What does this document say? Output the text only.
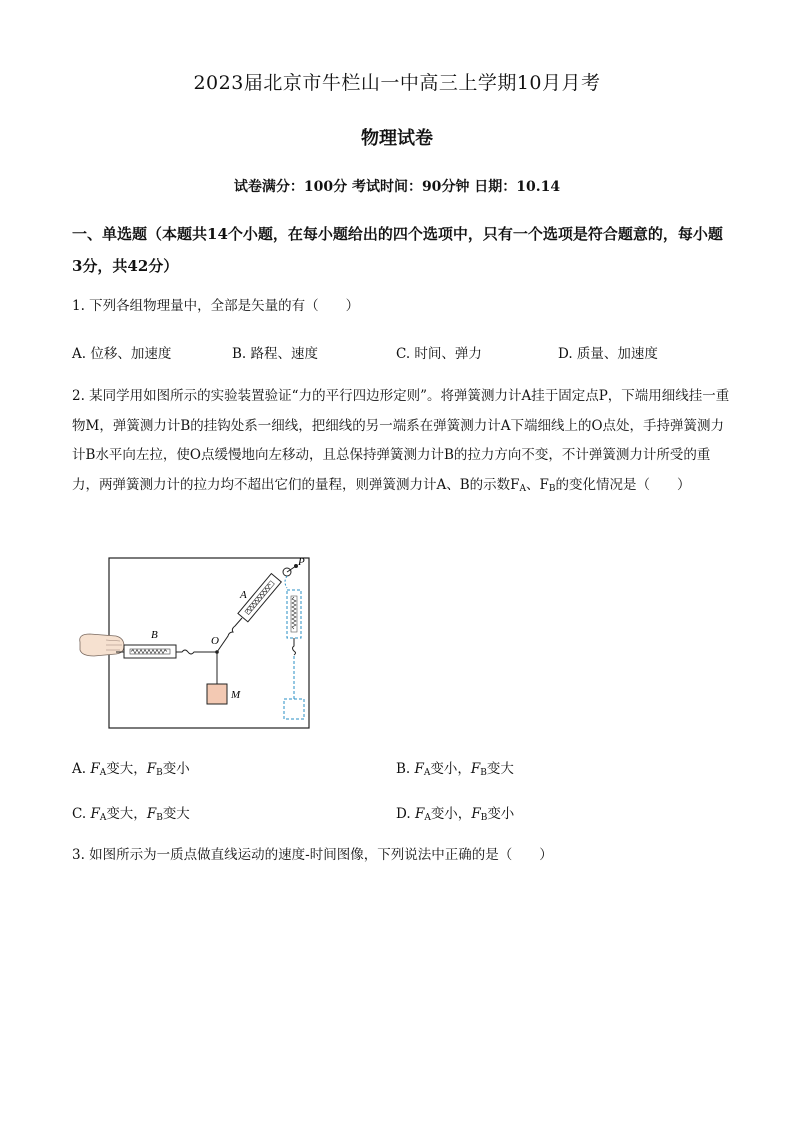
2023届北京市牛栏山一中高三上学期10月月考
物理试卷
试卷满分：100分 考试时间：90分钟 日期：10.14
一、单选题（本题共14个小题，在每小题给出的四个选项中，只有一个选项是符合题意的，每小题3分，共42分）
1. 下列各组物理量中，全部是矢量的有（　　）
A. 位移、加速度	B. 路程、速度	C. 时间、弹力	D. 质量、加速度
2. 某同学用如图所示的实验装置验证“力的平行四边形定则”。将弹簧测力计A挂于固定点P，下端用细线挂一重物M，弹簧测力计B的挂钩处系一细线，把细线的另一端系在弹簧测力计A下端细线上的O点处，手持弹簧测力计B水平向左拉，使O点缓慢地向左移动，且总保持弹簧测力计B的拉力方向不变，不计弹簧测力计所受的重力，两弹簧测力计的拉力均不超出它们的量程，则弹簧测力计A、B的示数$F_A$、$F_B$的变化情况是（　　）
B	O
M
A
P
A. $F_A$变大，$F_B$变小	B. $F_A$变小，$F_B$变大
C. $F_A$变大，$F_B$变大	D. $F_A$变小，$F_B$变小
3. 如图所示为一质点做直线运动的速度-时间图像，下列说法中正确的是（　　）
